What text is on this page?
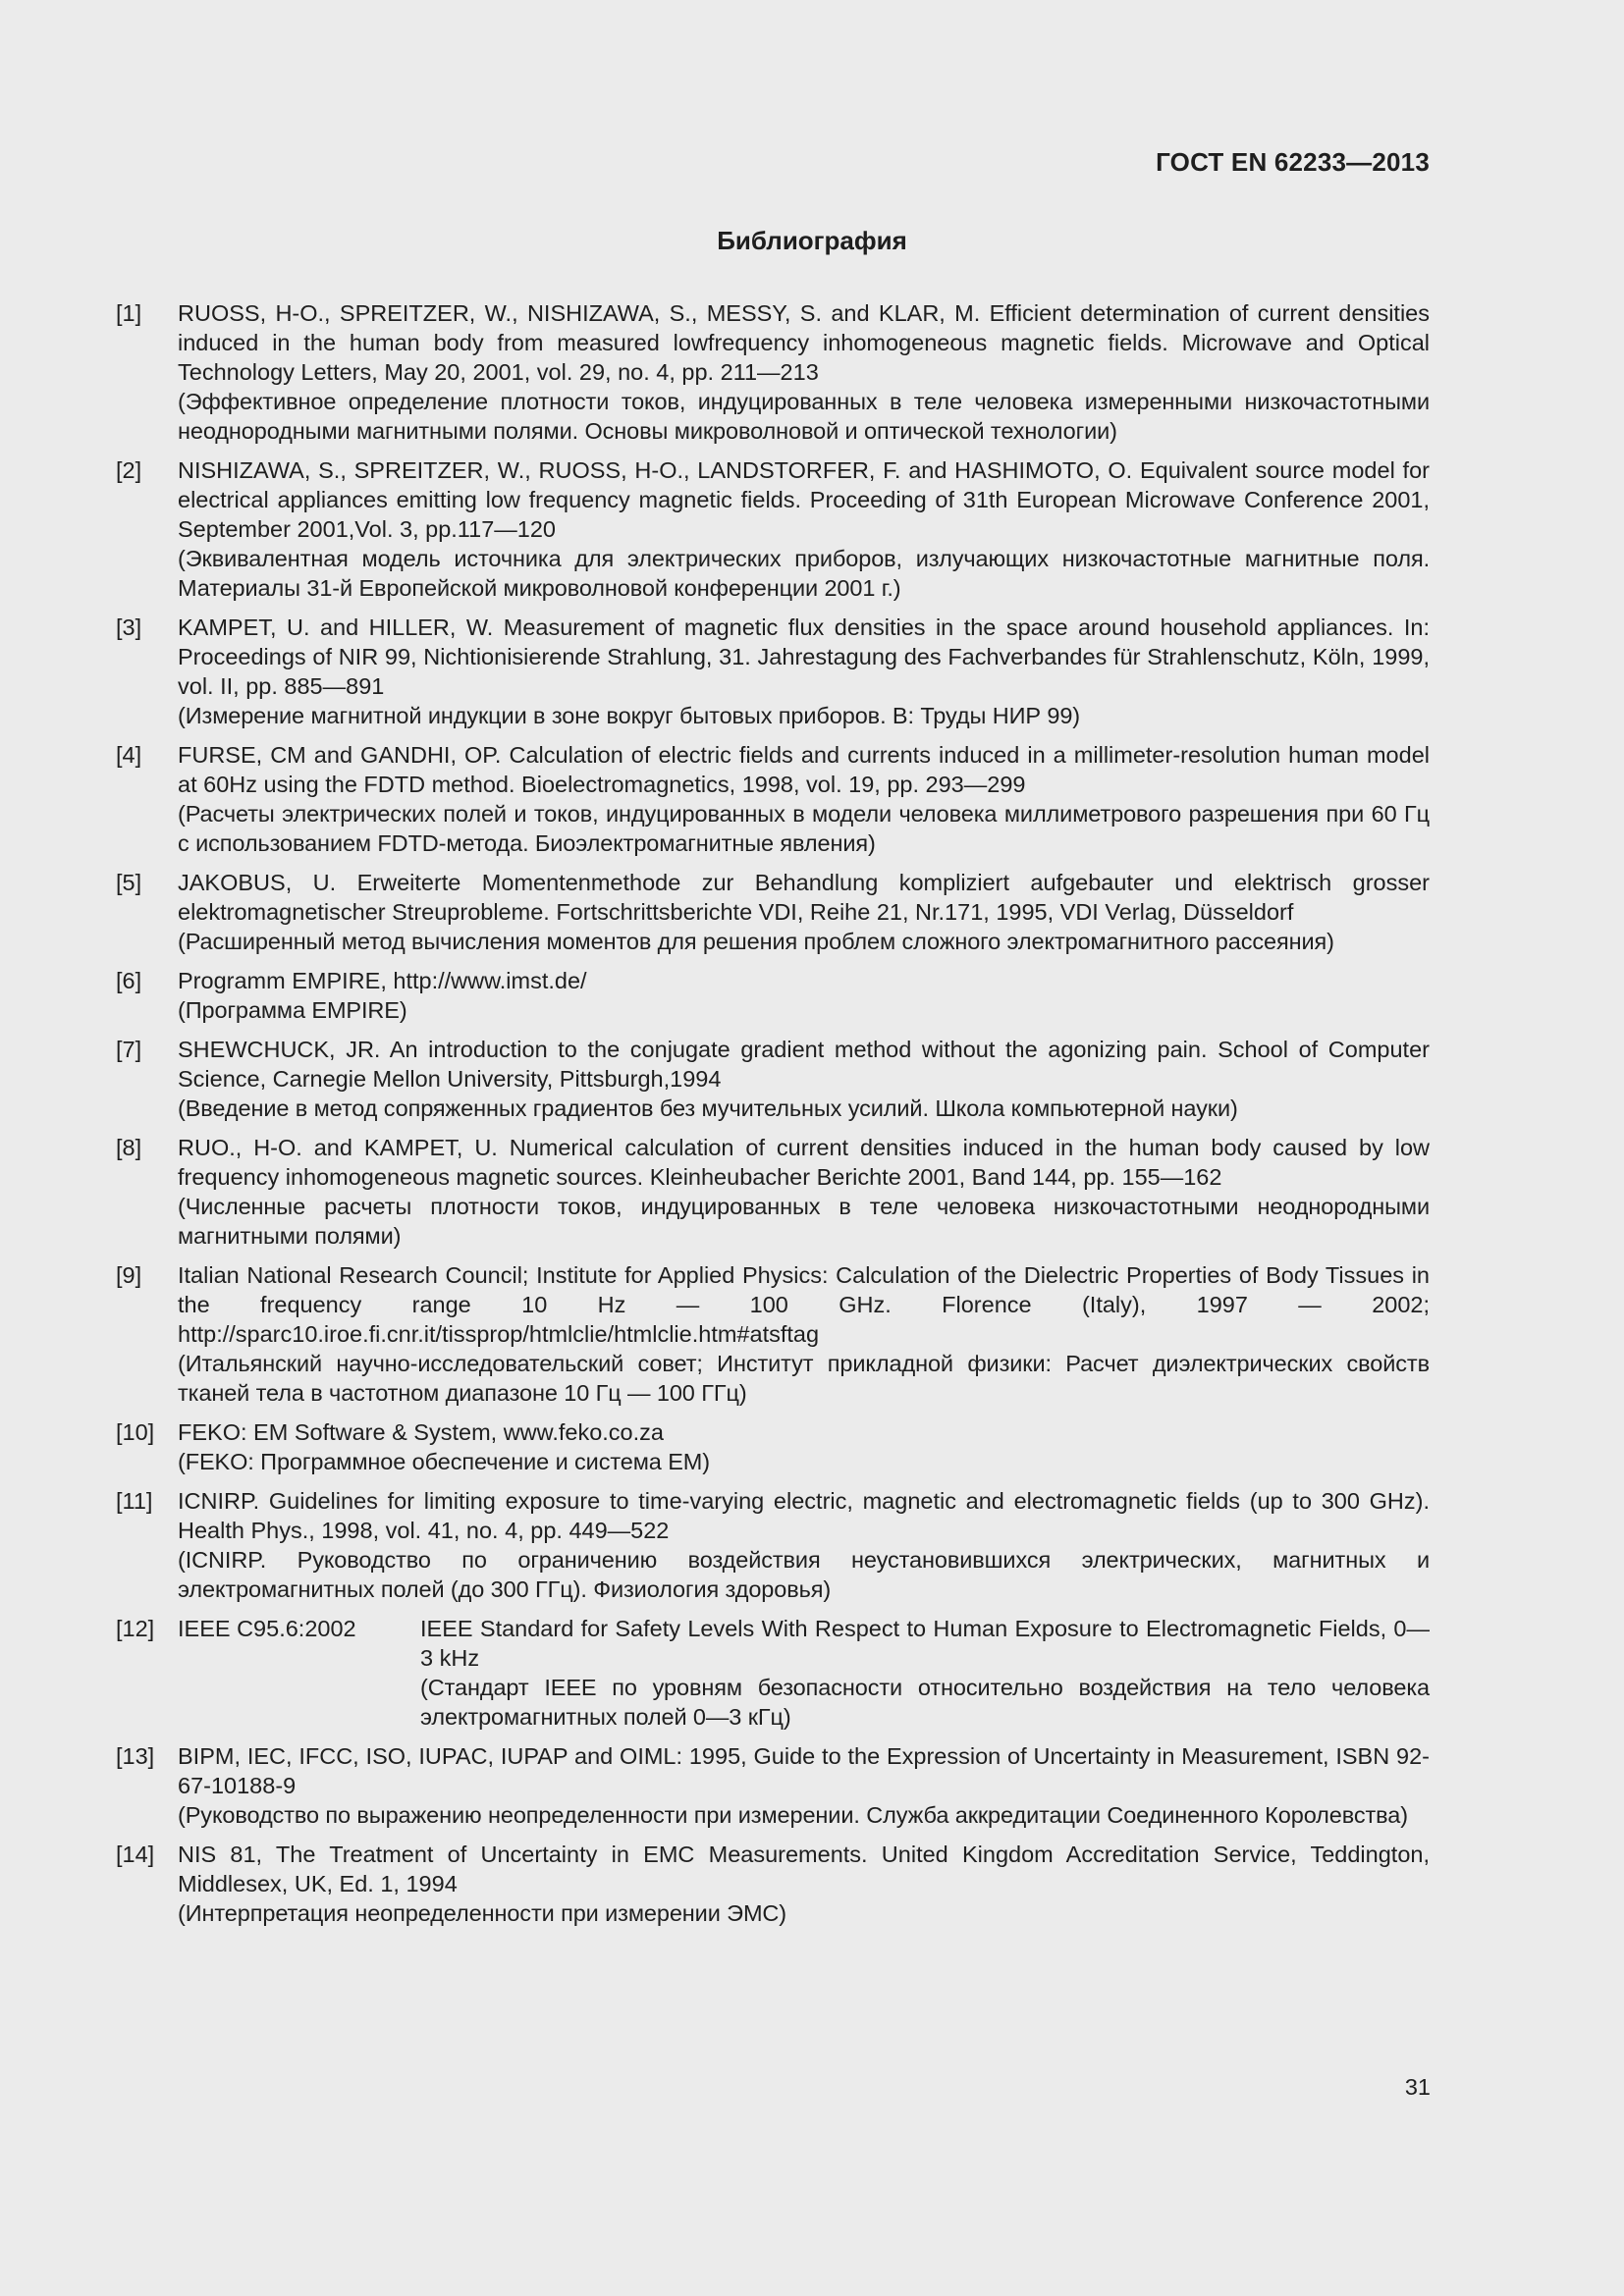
ГОСТ EN 62233—2013
Библиография
[1]	RUOSS, H-O., SPREITZER, W., NISHIZAWA, S., MESSY, S. and KLAR, M. Efficient determination of current densities induced in the human body from measured lowfrequency inhomogeneous magnetic fields. Microwave and Optical Technology Letters, May 20, 2001, vol. 29, no. 4, pp. 211—213
(Эффективное определение плотности токов, индуцированных в теле человека измеренными низкочастотными неоднородными магнитными полями. Основы микроволновой и оптической технологии)
[2]	NISHIZAWA, S., SPREITZER, W., RUOSS, H-O., LANDSTORFER, F. and HASHIMOTO, O. Equivalent source model for electrical appliances emitting low frequency magnetic fields. Proceeding of 31th European Microwave Conference 2001, September 2001,Vol. 3, pp.117—120
(Эквивалентная модель источника для электрических приборов, излучающих низкочастотные магнитные поля. Материалы 31-й Европейской микроволновой конференции 2001 г.)
[3]	KAMPET, U. and HILLER, W. Measurement of magnetic flux densities in the space around household appliances. In: Proceedings of NIR 99, Nichtionisierende Strahlung, 31. Jahrestagung des Fachverbandes für Strahlenschutz, Köln, 1999, vol. II, pp. 885—891
(Измерение магнитной индукции в зоне вокруг бытовых приборов. В: Труды НИР 99)
[4]	FURSE, CM and GANDHI, OP. Calculation of electric fields and currents induced in a millimeter-resolution human model at 60Hz using the FDTD method. Bioelectromagnetics, 1998, vol. 19, pp. 293—299
(Расчеты электрических полей и токов, индуцированных в модели человека миллиметрового разрешения при 60 Гц с использованием FDTD-метода. Биоэлектромагнитные явления)
[5]	JAKOBUS, U. Erweiterte Momentenmethode zur Behandlung kompliziert aufgebauter und elektrisch grosser elektromagnetischer Streuprobleme. Fortschrittsberichte VDI, Reihe 21, Nr.171, 1995, VDI Verlag, Düsseldorf
(Расширенный метод вычисления моментов для решения проблем сложного электромагнитного рассеяния)
[6]	Programm EMPIRE, http://www.imst.de/
(Программа EMPIRE)
[7]	SHEWCHUCK, JR. An introduction to the conjugate gradient method without the agonizing pain. School of Computer Science, Carnegie Mellon University, Pittsburgh,1994
(Введение в метод сопряженных градиентов без мучительных усилий. Школа компьютерной науки)
[8]	RUO., H-O. and KAMPET, U. Numerical calculation of current densities induced in the human body caused by low frequency inhomogeneous magnetic sources. Kleinheubacher Berichte 2001, Band 144, pp. 155—162
(Численные расчеты плотности токов, индуцированных в теле человека низкочастотными неоднородными магнитными полями)
[9]	Italian National Research Council; Institute for Applied Physics: Calculation of the Dielectric Properties of Body Tissues in the frequency range 10 Hz — 100 GHz. Florence (Italy), 1997 — 2002; http://sparc10.iroe.fi.cnr.it/tissprop/htmlclie/htmlclie.htm#atsftag
(Итальянский научно-исследовательский совет; Институт прикладной физики: Расчет диэлектрических свойств тканей тела в частотном диапазоне 10 Гц — 100 ГГц)
[10]	FEKO: EM Software & System, www.feko.co.za
(FEKO: Программное обеспечение и система ЕМ)
[11]	ICNIRP. Guidelines for limiting exposure to time-varying electric, magnetic and electromagnetic fields (up to 300 GHz). Health Phys., 1998, vol. 41, no. 4, pp. 449—522
(ICNIRP. Руководство по ограничению воздействия неустановившихся электрических, магнитных и электромагнитных полей (до 300 ГГц). Физиология здоровья)
[12]	IEEE C95.6:2002	IEEE Standard for Safety Levels With Respect to Human Exposure to Electromagnetic Fields, 0—3 kHz
(Стандарт IEEE по уровням безопасности относительно воздействия на тело человека электромагнитных полей 0—3 кГц)
[13]	BIPM, IEC, IFCC, ISO, IUPAC, IUPAP and OIML: 1995, Guide to the Expression of Uncertainty in Measurement, ISBN 92-67-10188-9
(Руководство по выражению неопределенности при измерении. Служба аккредитации Соединенного Королевства)
[14]	NIS 81, The Treatment of Uncertainty in EMC Measurements. United Kingdom Accreditation Service, Teddington, Middlesex, UK, Ed. 1, 1994
(Интерпретация неопределенности при измерении ЭМС)
31
